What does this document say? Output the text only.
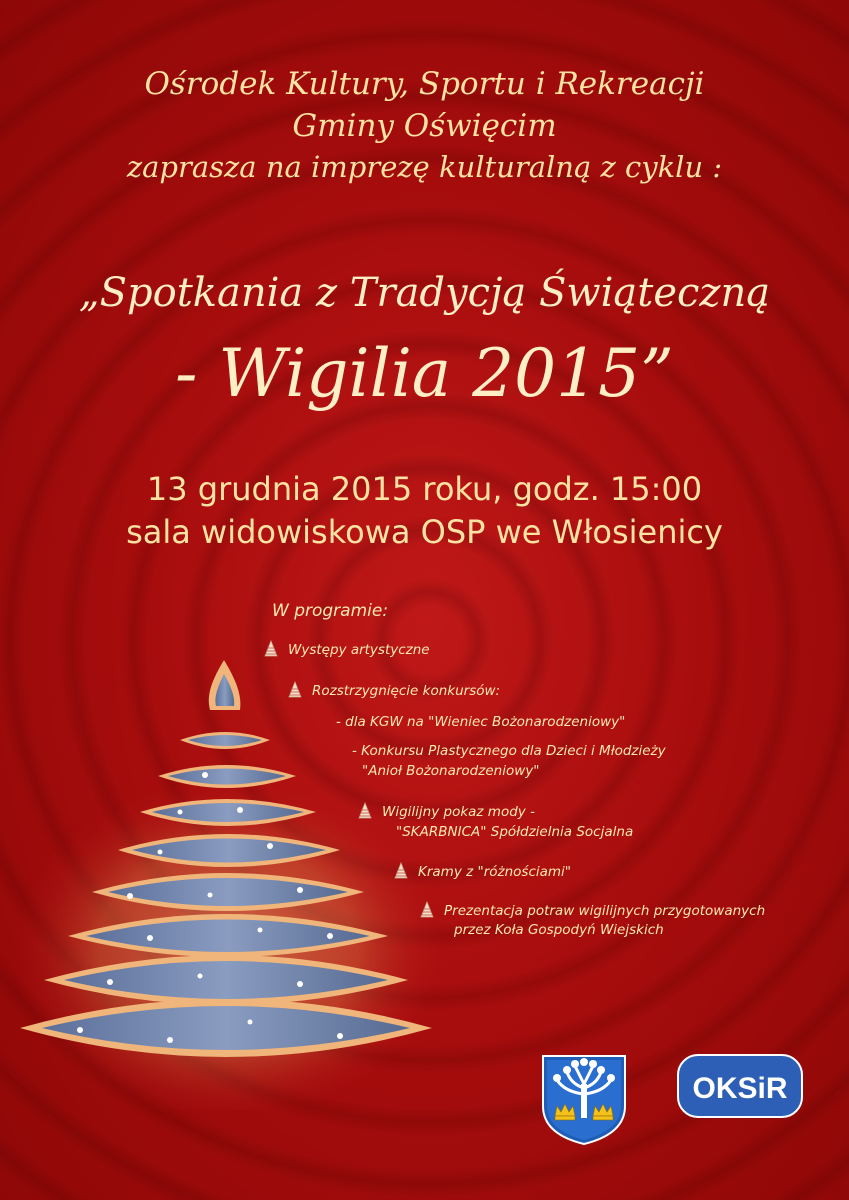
Ośrodek Kultury, Sportu i Rekreacji
Gminy Oświęcim
zaprasza na imprezę kulturalną z cyklu :
„Spotkania z Tradycją Świąteczną
- Wigilia 2015”
13 grudnia 2015 roku, godz. 15:00
sala widowiskowa OSP we Włosienicy
W programie:
Występy artystyczne
Rozstrzygnięcie konkursów:
- dla KGW na "Wieniec Bożonarodzeniowy"
- Konkursu Plastycznego dla Dzieci i Młodzieży
"Anioł Bożonarodzeniowy"
Wigilijny pokaz mody -
"SKARBNICA" Spółdzielnia Socjalna
Kramy z "różnościami"
Prezentacja potraw wigilijnych przygotowanych
przez Koła Gospodyń Wiejskich
OKSiR
